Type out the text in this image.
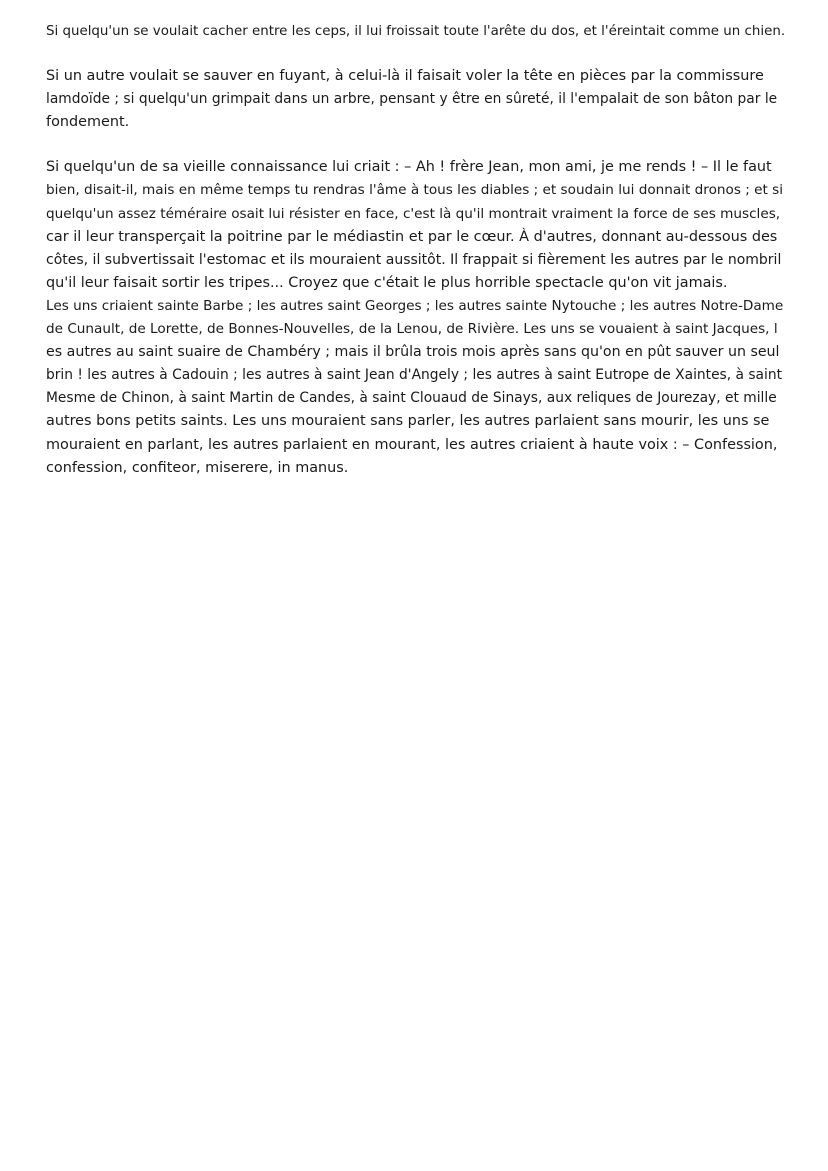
Si quelqu'un se voulait cacher entre les ceps, il lui froissait toute l'arête du dos, et l'éreintait comme un chien.

Si un autre voulait se sauver en fuyant, à celui-là il faisait voler la tête en pièces par la commissure
lamdoïde ; si quelqu'un grimpait dans un arbre, pensant y être en sûreté, il l'empalait de son bâton par le
fondement.

Si quelqu'un de sa vieille connaissance lui criait : – Ah ! frère Jean, mon ami, je me rends ! – Il le faut
bien, disait-il, mais en même temps tu rendras l'âme à tous les diables ; et soudain lui donnait dronos ; et si
quelqu'un assez téméraire osait lui résister en face, c'est là qu'il montrait vraiment la force de ses muscles,
car il leur transperçait la poitrine par le médiastin et par le cœur. À d'autres, donnant au-dessous des
côtes, il subvertissait l'estomac et ils mouraient aussitôt. Il frappait si fièrement les autres par le nombril
qu'il leur faisait sortir les tripes... Croyez que c'était le plus horrible spectacle qu'on vit jamais.

Les uns criaient sainte Barbe ; les autres saint Georges ; les autres sainte Nytouche ; les autres Notre-Dame
de Cunault, de Lorette, de Bonnes-Nouvelles, de la Lenou, de Rivière. Les uns se vouaient à saint Jacques, l
es autres au saint suaire de Chambéry ; mais il brûla trois mois après sans qu'on en pût sauver un seul
brin ! les autres à Cadouin ; les autres à saint Jean d'Angely ; les autres à saint Eutrope de Xaintes, à saint
Mesme de Chinon, à saint Martin de Candes, à saint Clouaud de Sinays, aux reliques de Jourezay, et mille
autres bons petits saints. Les uns mouraient sans parler, les autres parlaient sans mourir, les uns se
mouraient en parlant, les autres parlaient en mourant, les autres criaient à haute voix : – Confession,
confession, confiteor, miserere, in manus.
